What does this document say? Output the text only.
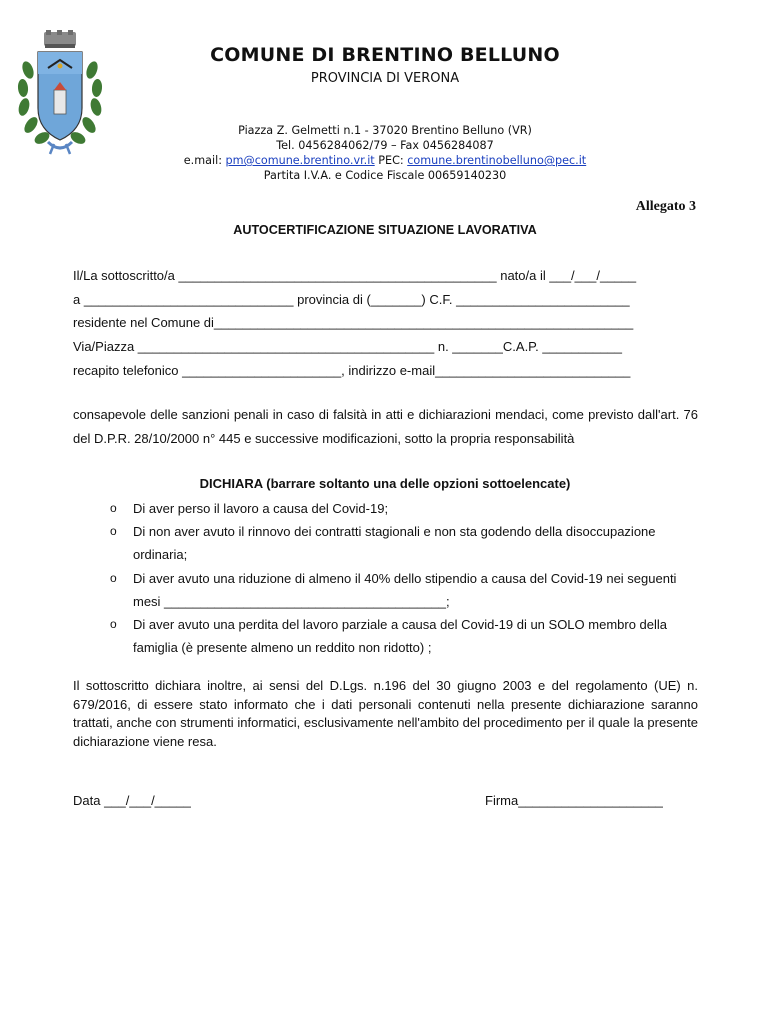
COMUNE DI BRENTINO BELLUNO
PROVINCIA DI VERONA
Piazza Z. Gelmetti n.1 - 37020 Brentino Belluno (VR)
Tel. 0456284062/79 – Fax 0456284087
e.mail: pm@comune.brentino.vr.it PEC: comune.brentinobelluno@pec.it
Partita I.V.A. e Codice Fiscale 00659140230
Allegato 3
AUTOCERTIFICAZIONE SITUAZIONE LAVORATIVA
Il/La sottoscritto/a ____________________________________________ nato/a il ___/___/_____
a _____________________________ provincia di (_______) C.F. ________________________
residente nel Comune di__________________________________________________________
Via/Piazza _________________________________________ n. _______C.A.P. ___________
recapito telefonico ______________________, indirizzo e-mail___________________________
consapevole delle sanzioni penali in caso di falsità in atti e dichiarazioni mendaci, come previsto dall'art. 76 del D.P.R. 28/10/2000 n° 445 e successive modificazioni, sotto la propria responsabilità
DICHIARA (barrare soltanto una delle opzioni sottoelencate)
o Di aver perso il lavoro a causa del Covid-19;
o Di non aver avuto il rinnovo dei contratti stagionali e non sta godendo della disoccupazione ordinaria;
o Di aver avuto una riduzione di almeno il 40% dello stipendio a causa del Covid-19 nei seguenti mesi _______________________________________;
o Di aver avuto una perdita del lavoro parziale a causa del Covid-19 di un SOLO membro della famiglia (è presente almeno un reddito non ridotto) ;
Il sottoscritto dichiara inoltre, ai sensi del D.Lgs. n.196 del 30 giugno 2003 e del regolamento (UE) n. 679/2016, di essere stato informato che i dati personali contenuti nella presente dichiarazione saranno trattati, anche con strumenti informatici, esclusivamente nell'ambito del procedimento per il quale la presente dichiarazione viene resa.
Data ___/___/_____	Firma____________________
